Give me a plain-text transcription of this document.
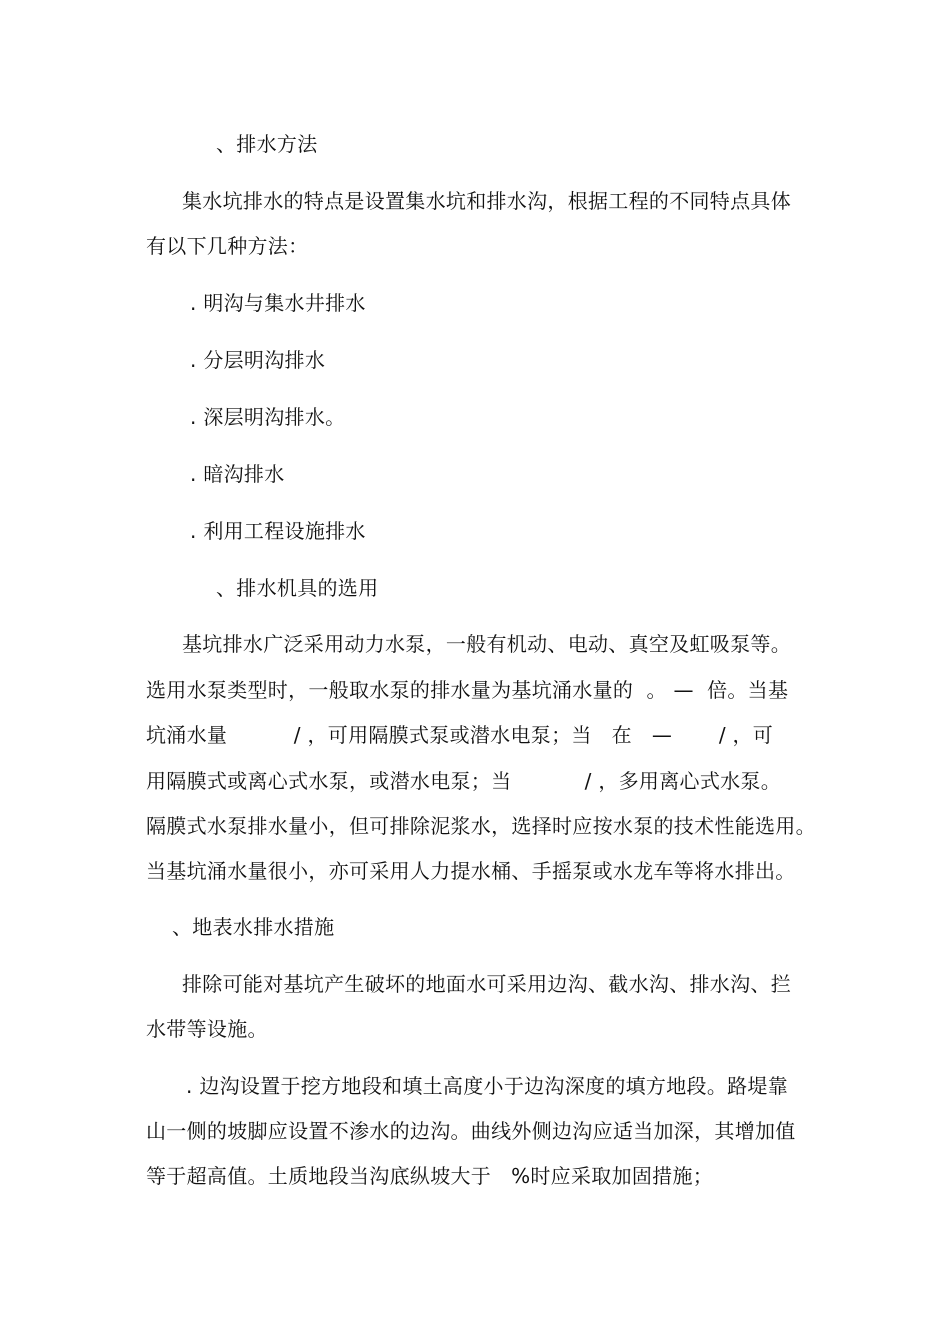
、排水方法
集水坑排水的特点是设置集水坑和排水沟，根据工程的不同特点具体
有以下几种方法：
. 明沟与集水井排水
. 分层明沟排水
. 深层明沟排水。
. 暗沟排水
. 利用工程设施排水
、排水机具的选用
基坑排水广泛采用动力水泵，一般有机动、电动、真空及虹吸泵等。
选用水泵类型时，一般取水泵的排水量为基坑涌水量的  。 —  倍。当基
坑涌水量          / ，可用隔膜式泵或潜水电泵；当   在   —       / ，可
用隔膜式或离心式水泵，或潜水电泵；当           / ，多用离心式水泵。
隔膜式水泵排水量小，但可排除泥浆水，选择时应按水泵的技术性能选用。
当基坑涌水量很小，亦可采用人力提水桶、手摇泵或水龙车等将水排出。
、地表水排水措施
排除可能对基坑产生破坏的地面水可采用边沟、截水沟、排水沟、拦
水带等设施。
. 边沟设置于挖方地段和填土高度小于边沟深度的填方地段。路堤靠
山一侧的坡脚应设置不渗水的边沟。曲线外侧边沟应适当加深，其增加值
等于超高值。土质地段当沟底纵坡大于   %时应采取加固措施；
